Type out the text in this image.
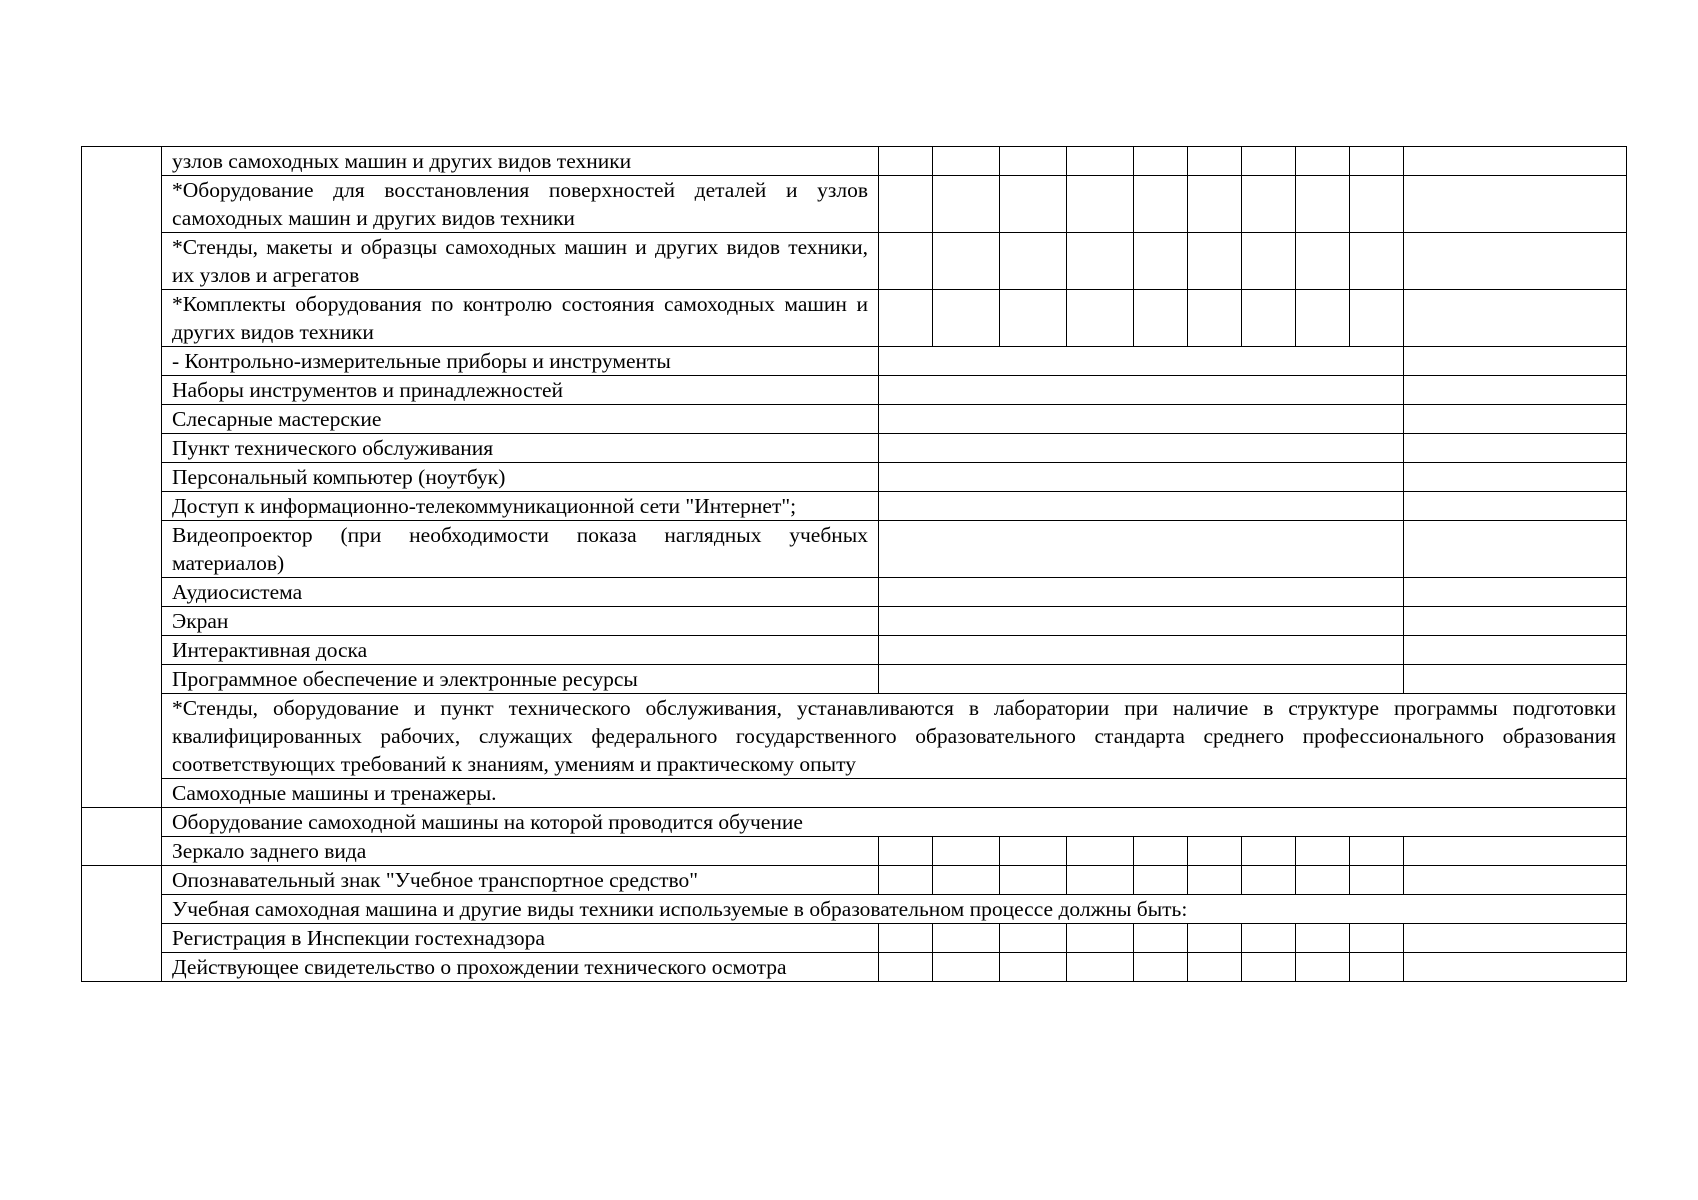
	узлов самоходных машин и других видов техники										
	*Оборудование для восстановления поверхностей деталей и узлов самоходных машин и других видов техники										
	*Стенды, макеты и образцы самоходных машин и других видов техники, их узлов и агрегатов										
	*Комплекты оборудования по контролю состояния самоходных машин и других видов техники										
	- Контрольно-измерительные приборы и инструменты										
	Наборы инструментов и принадлежностей										
	Слесарные мастерские										
	Пункт технического обслуживания										
	Персональный компьютер (ноутбук)										
	Доступ к информационно-телекоммуникационной сети "Интернет";										
	Видеопроектор (при необходимости показа наглядных учебных материалов)										
	Аудиосистема										
	Экран										
	Интерактивная доска										
	Программное обеспечение и электронные ресурсы										
	*Стенды, оборудование и пункт технического обслуживания, устанавливаются в лаборатории при наличие в структуре программы подготовки квалифицированных рабочих, служащих федерального государственного образовательного стандарта среднего профессионального образования соответствующих требований к знаниям, умениям и практическому опыту										
	Самоходные машины и тренажеры.										
	Оборудование самоходной машины на которой проводится обучение										
	Зеркало заднего вида										
	Опознавательный знак "Учебное транспортное средство"										
	Учебная самоходная машина и другие виды техники используемые в образовательном процессе должны быть:										
	Регистрация в Инспекции гостехнадзора										
	Действующее свидетельство о прохождении технического осмотра										
